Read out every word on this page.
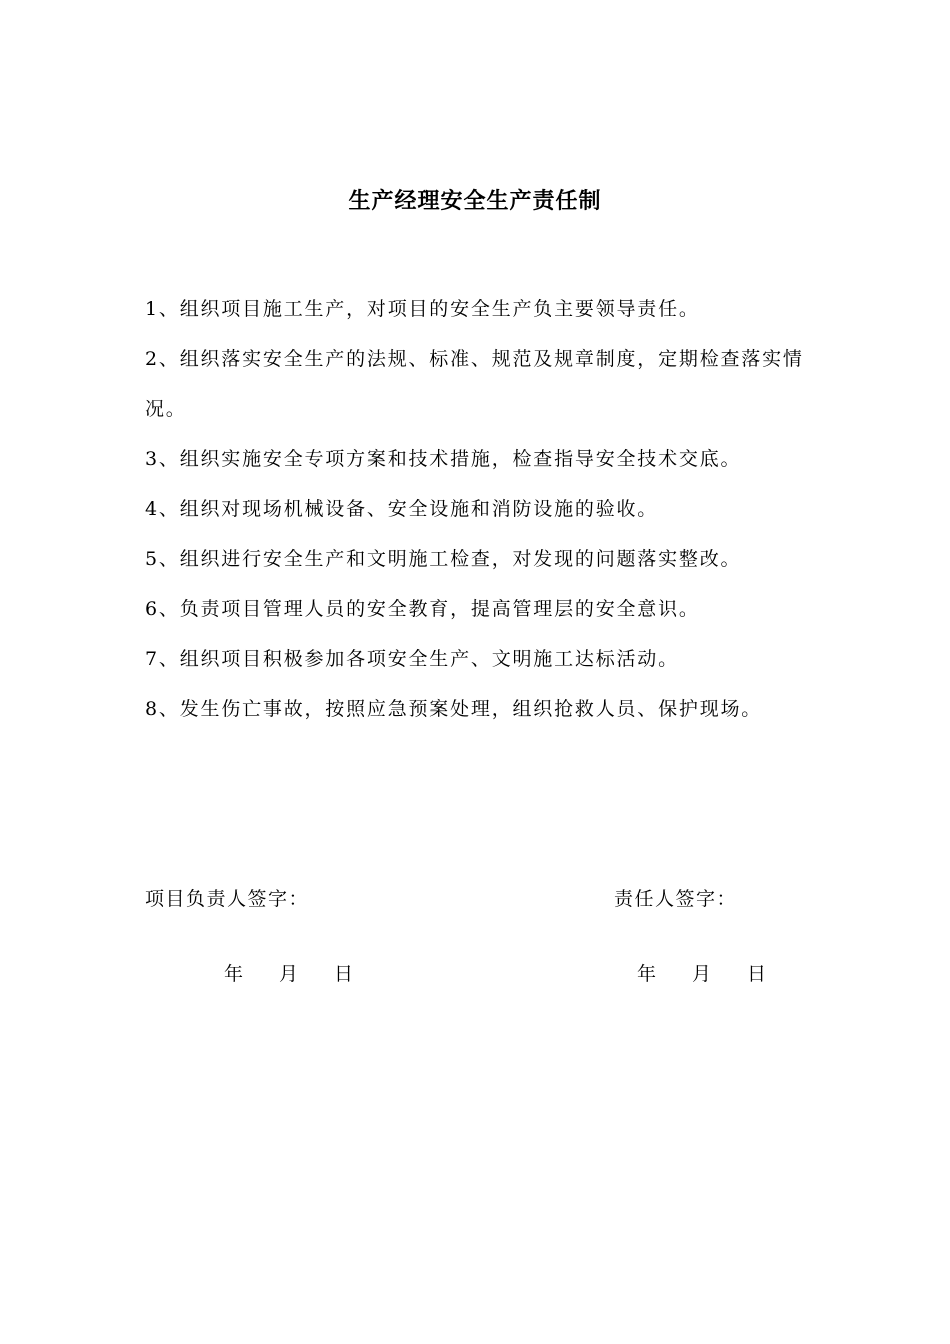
生产经理安全生产责任制
1、组织项目施工生产，对项目的安全生产负主要领导责任。
2、组织落实安全生产的法规、标准、规范及规章制度，定期检查落实情况。
3、组织实施安全专项方案和技术措施，检查指导安全技术交底。
4、组织对现场机械设备、安全设施和消防设施的验收。
5、组织进行安全生产和文明施工检查，对发现的问题落实整改。
6、负责项目管理人员的安全教育，提高管理层的安全意识。
7、组织项目积极参加各项安全生产、文明施工达标活动。
8、发生伤亡事故，按照应急预案处理，组织抢救人员、保护现场。
项目负责人签字：	责任人签字：
年 月 日	年 月 日
